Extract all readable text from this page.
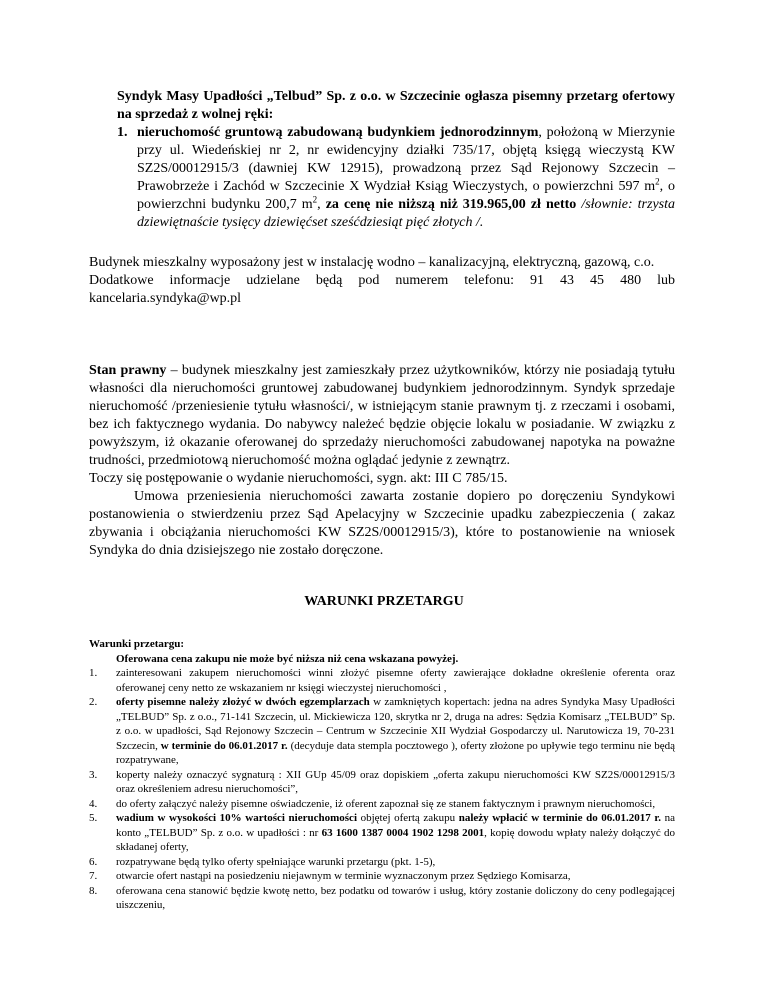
Syndyk Masy Upadłości „Telbud” Sp. z o.o. w Szczecinie ogłasza pisemny przetarg ofertowy na sprzedaż z wolnej ręki:

1. nieruchomość gruntową zabudowaną budynkiem jednorodzinnym, położoną w Mierzynie przy ul. Wiedeńskiej nr 2, nr ewidencyjny działki 735/17, objętą księgą wieczystą KW SZ2S/00012915/3 (dawniej KW 12915), prowadzoną przez Sąd Rejonowy Szczecin – Prawobrzeże i Zachód w Szczecinie X Wydział Ksiąg Wieczystych, o powierzchni 597 $m^2$, o powierzchni budynku 200,7 $m^2$, za cenę nie niższą niż 319.965,00 zł netto /słownie: trzysta dziewiętnaście tysięcy dziewięćset sześćdziesiąt pięć złotych /.

Budynek mieszkalny wyposażony jest w instalację wodno – kanalizacyjną, elektryczną, gazową, c.o.

Dodatkowe informacje udzielane będą pod numerem telefonu: 91 43 45 480 lub kancelaria.syndyka@wp.pl

Stan prawny – budynek mieszkalny jest zamieszkały przez użytkowników, którzy nie posiadają tytułu własności dla nieruchomości gruntowej zabudowanej budynkiem jednorodzinnym. Syndyk sprzedaje nieruchomość /przeniesienie tytułu własności/, w istniejącym stanie prawnym tj. z rzeczami i osobami, bez ich faktycznego wydania. Do nabywcy należeć będzie objęcie lokalu w posiadanie. W związku z powyższym, iż okazanie oferowanej do sprzedaży nieruchomości zabudowanej napotyka na poważne trudności, przedmiotową nieruchomość można oglądać jedynie z zewnątrz.

Toczy się postępowanie o wydanie nieruchomości, sygn. akt: III C 785/15.

Umowa przeniesienia nieruchomości zawarta zostanie dopiero po doręczeniu Syndykowi postanowienia o stwierdzeniu przez Sąd Apelacyjny w Szczecinie upadku zabezpieczenia ( zakaz zbywania i obciążania nieruchomości KW SZ2S/00012915/3), które to postanowienie na wniosek Syndyka do dnia dzisiejszego nie zostało doręczone.

WARUNKI PRZETARGU

Warunki przetargu:

Oferowana cena zakupu nie może być niższa niż cena wskazana powyżej.

1.	zainteresowani zakupem nieruchomości winni złożyć pisemne oferty zawierające dokładne określenie oferenta oraz oferowanej ceny netto ze wskazaniem nr księgi wieczystej nieruchomości ,
2.	oferty pisemne należy złożyć w dwóch egzemplarzach w zamkniętych kopertach: jedna na adres Syndyka Masy Upadłości „TELBUD” Sp. z o.o., 71-141 Szczecin, ul. Mickiewicza 120, skrytka nr 2, druga na adres: Sędzia Komisarz „TELBUD” Sp. z o.o. w upadłości, Sąd Rejonowy Szczecin – Centrum w Szczecinie XII Wydział Gospodarczy ul. Narutowicza 19, 70-231 Szczecin, w terminie do 06.01.2017 r. (decyduje data stempla pocztowego ), oferty złożone po upływie tego terminu nie będą rozpatrywane,
3.	koperty należy oznaczyć sygnaturą : XII GUp 45/09 oraz dopiskiem „oferta zakupu nieruchomości KW SZ2S/00012915/3 oraz określeniem adresu nieruchomości”,
4.	do oferty załączyć należy pisemne oświadczenie, iż oferent zapoznał się ze stanem faktycznym i prawnym nieruchomości,
5.	wadium w wysokości 10% wartości nieruchomości objętej ofertą zakupu należy wpłacić w terminie do 06.01.2017 r. na konto „TELBUD” Sp. z o.o. w upadłości : nr 63 1600 1387 0004 1902 1298 2001, kopię dowodu wpłaty należy dołączyć do składanej oferty,
6.	rozpatrywane będą tylko oferty spełniające warunki przetargu (pkt. 1-5),
7.	otwarcie ofert nastąpi na posiedzeniu niejawnym w terminie wyznaczonym przez Sędziego Komisarza,
8.	oferowana cena stanowić będzie kwotę netto, bez podatku od towarów i usług, który zostanie doliczony do ceny podlegającej uiszczeniu,
